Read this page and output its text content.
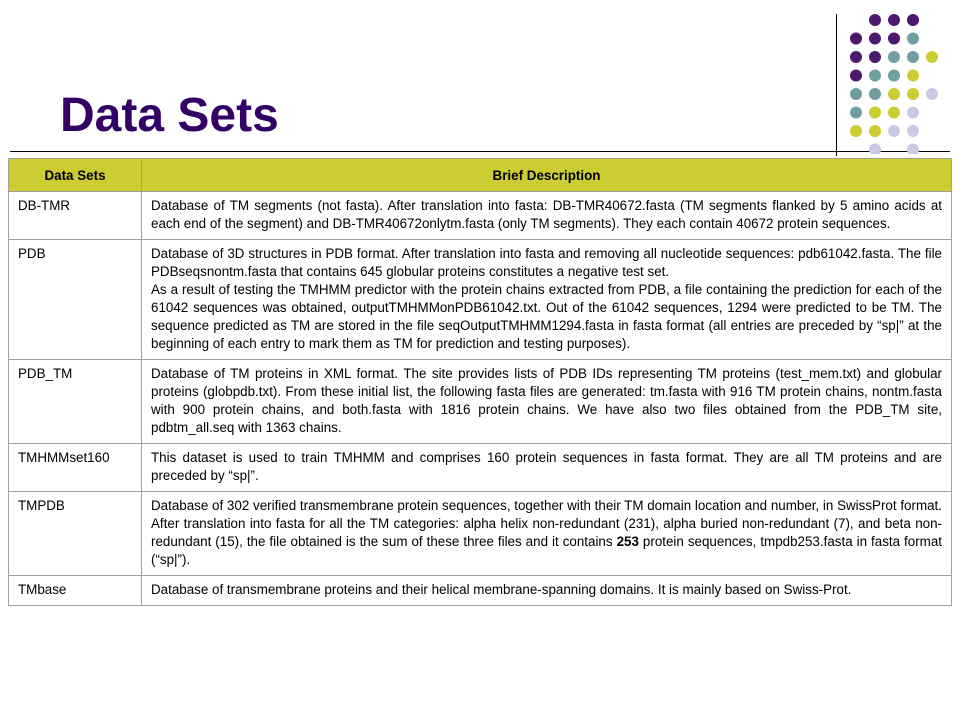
Data Sets
Data Sets	Brief Description
DB-TMR	Database of TM segments (not fasta). After translation into fasta: DB-TMR40672.fasta (TM segments flanked by 5 amino acids at each end of the segment) and DB-TMR40672onlytm.fasta (only TM segments). They each contain 40672 protein sequences.

PDB	Database of 3D structures in PDB format. After translation into fasta and removing all nucleotide sequences: pdb61042.fasta. The file PDBseqsnontm.fasta that contains 645 globular proteins constitutes a negative test set.
As a result of testing the TMHMM predictor with the protein chains extracted from PDB, a file containing the prediction for each of the 61042 sequences was obtained, outputTMHMMonPDB61042.txt. Out of the 61042 sequences, 1294 were predicted to be TM. The sequence predicted as TM are stored in the file seqOutputTMHMM1294.fasta in fasta format (all entries are preceded by “sp|” at the beginning of each entry to mark them as TM for prediction and testing purposes).

PDB_TM	Database of TM proteins in XML format. The site provides lists of PDB IDs representing TM proteins (test_mem.txt) and globular proteins (globpdb.txt). From these initial list, the following fasta files are generated: tm.fasta with 916 TM protein chains, nontm.fasta with 900 protein chains, and both.fasta with 1816 protein chains. We have also two files obtained from the PDB_TM site, pdbtm_all.seq with 1363 chains.

TMHMMset160	This dataset is used to train TMHMM and comprises 160 protein sequences in fasta format. They are all TM proteins and are preceded by “sp|”.

TMPDB	Database of 302 verified transmembrane protein sequences, together with their TM domain location and number, in SwissProt format. After translation into fasta for all the TM categories: alpha helix non-redundant (231), alpha buried non-redundant (7), and beta non-redundant (15), the file obtained is the sum of these three files and it contains 253 protein sequences, tmpdb253.fasta in fasta format (“sp|”).
TMbase	Database of transmembrane proteins and their helical membrane-spanning domains. It is mainly based on Swiss-Prot.
